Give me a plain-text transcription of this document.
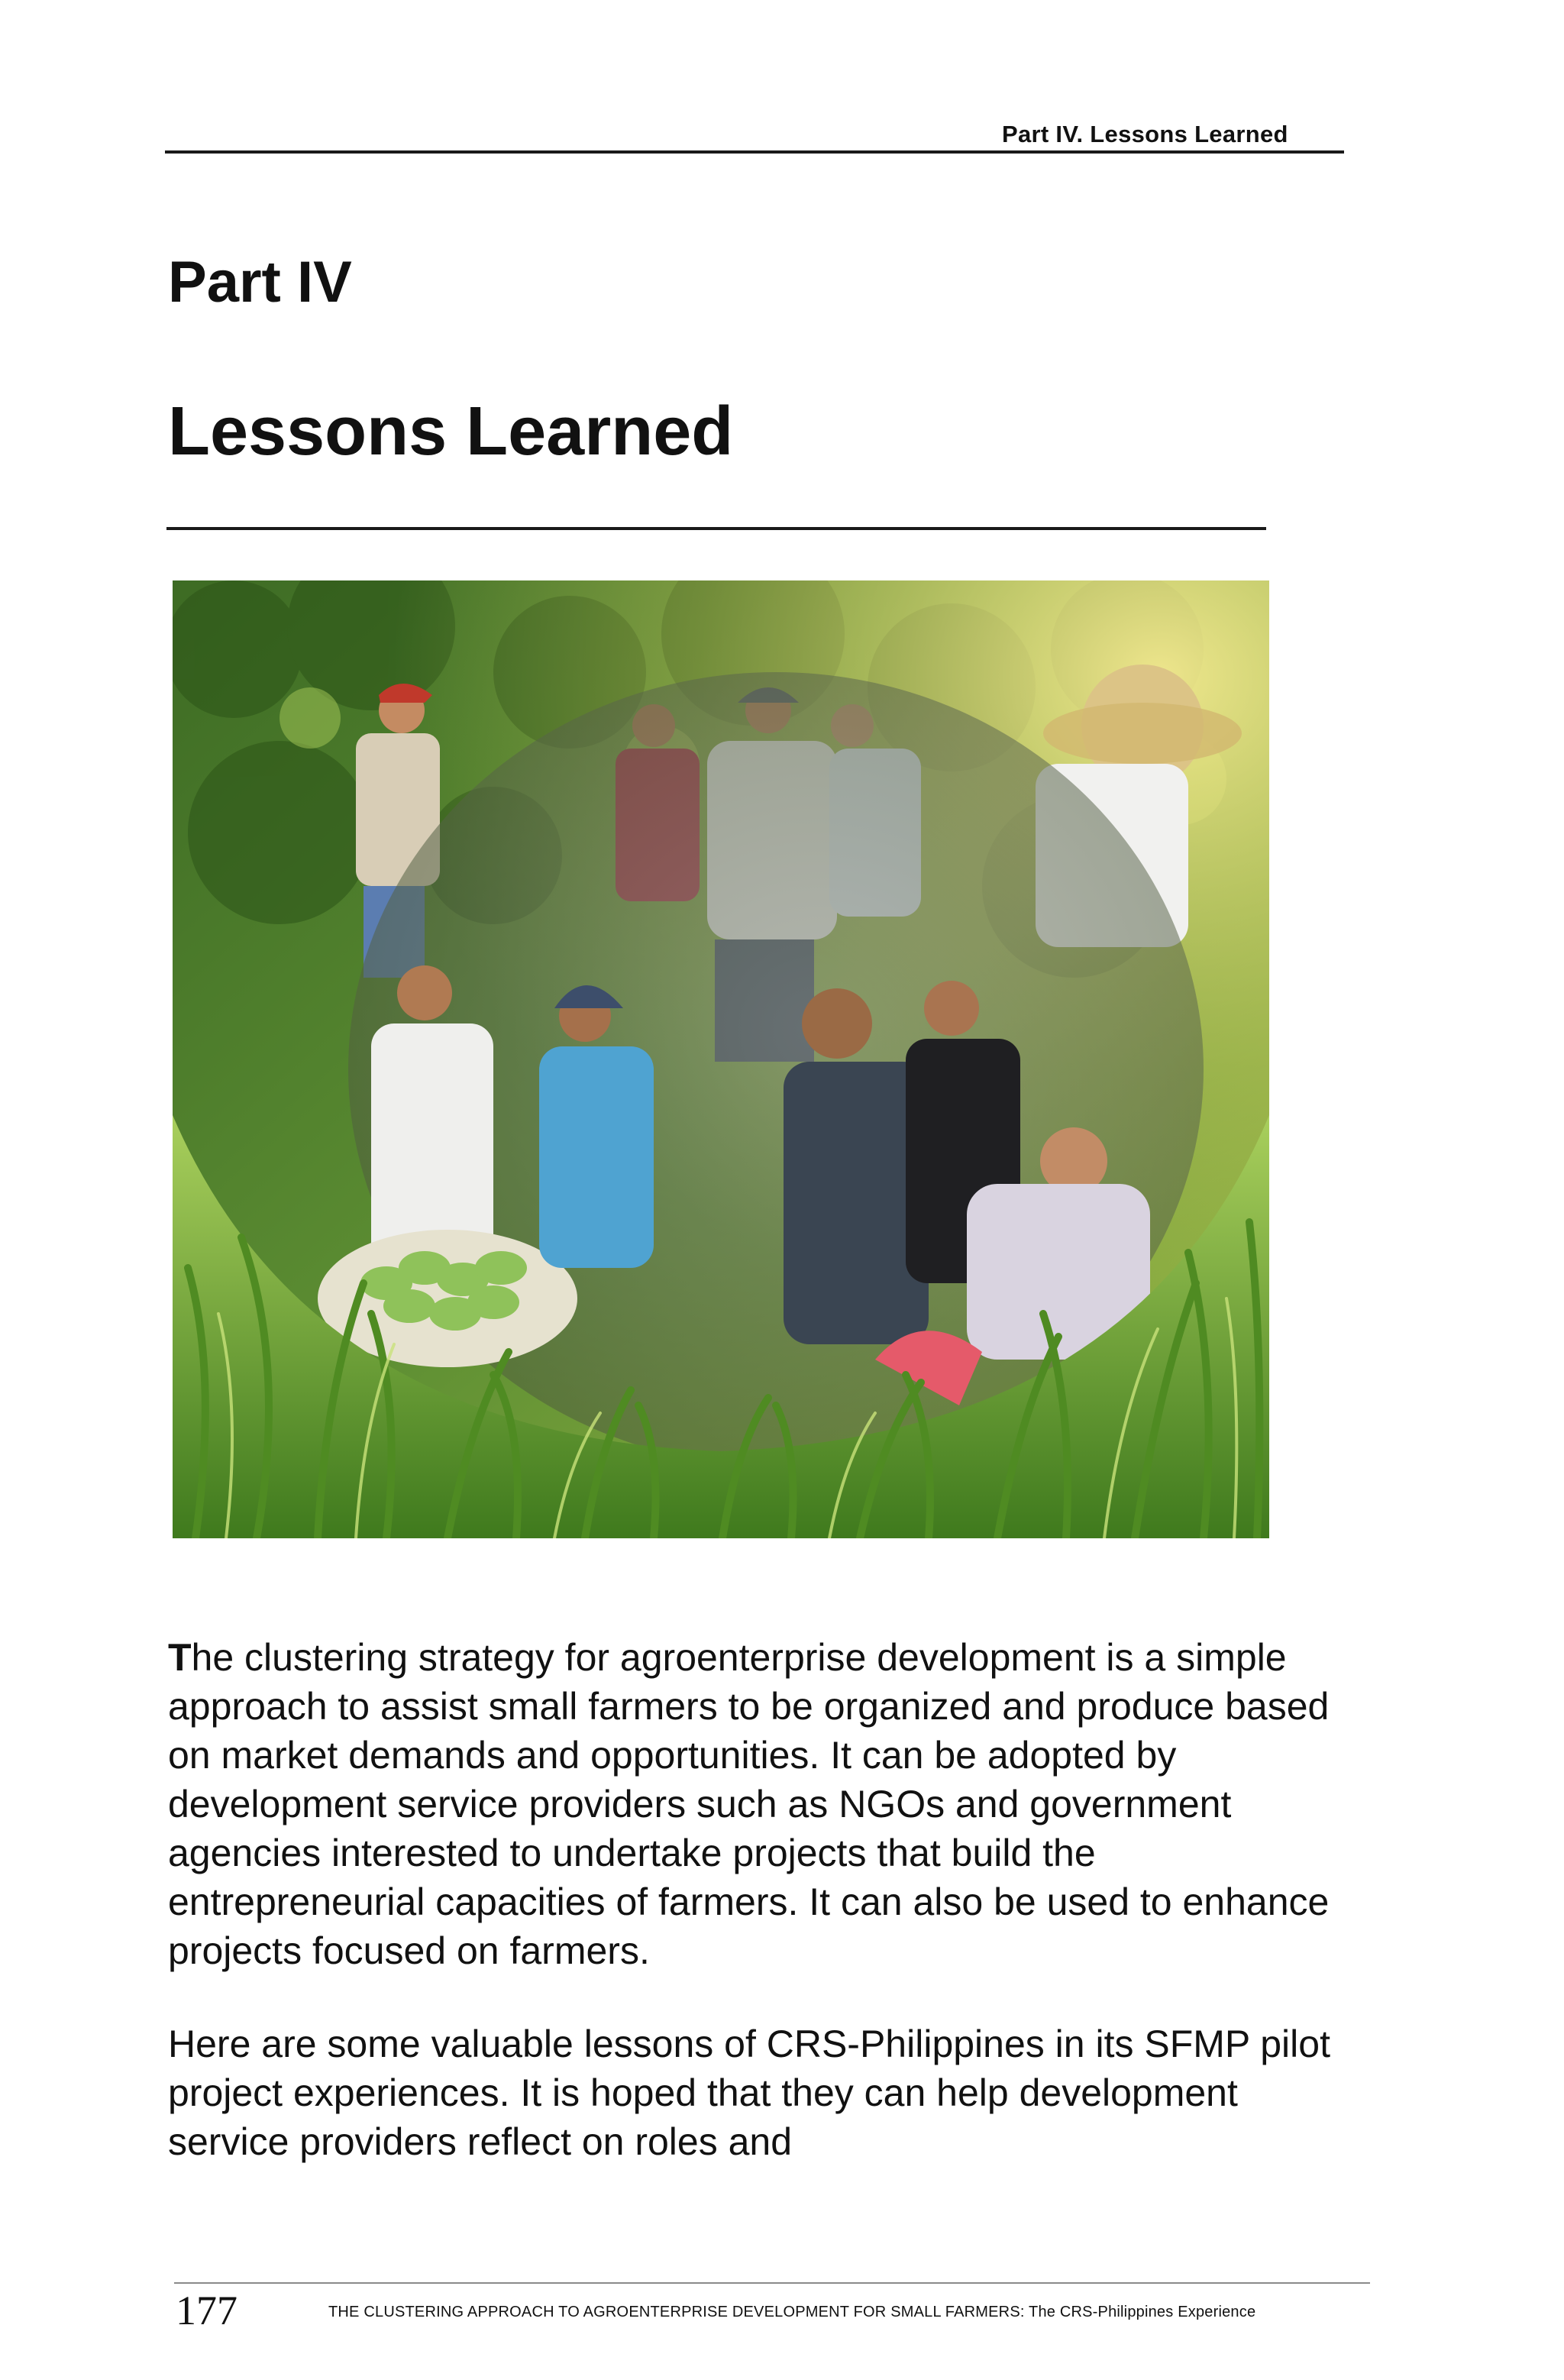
Part IV. Lessons Learned
Part IV
Lessons Learned

The clustering strategy for agroenterprise development is a simple approach to assist small farmers to be organized and produce based on market demands and opportunities. It can be adopted by development service providers such as NGOs and government agencies interested to undertake projects that build the entrepreneurial capacities of farmers. It can also be used to enhance projects focused on farmers.

Here are some valuable lessons of CRS-Philippines in its SFMP pilot project experiences. It is hoped that they can help development service providers reflect on roles and

177	THE CLUSTERING APPROACH TO AGROENTERPRISE DEVELOPMENT FOR SMALL FARMERS: The CRS-Philippines Experience
